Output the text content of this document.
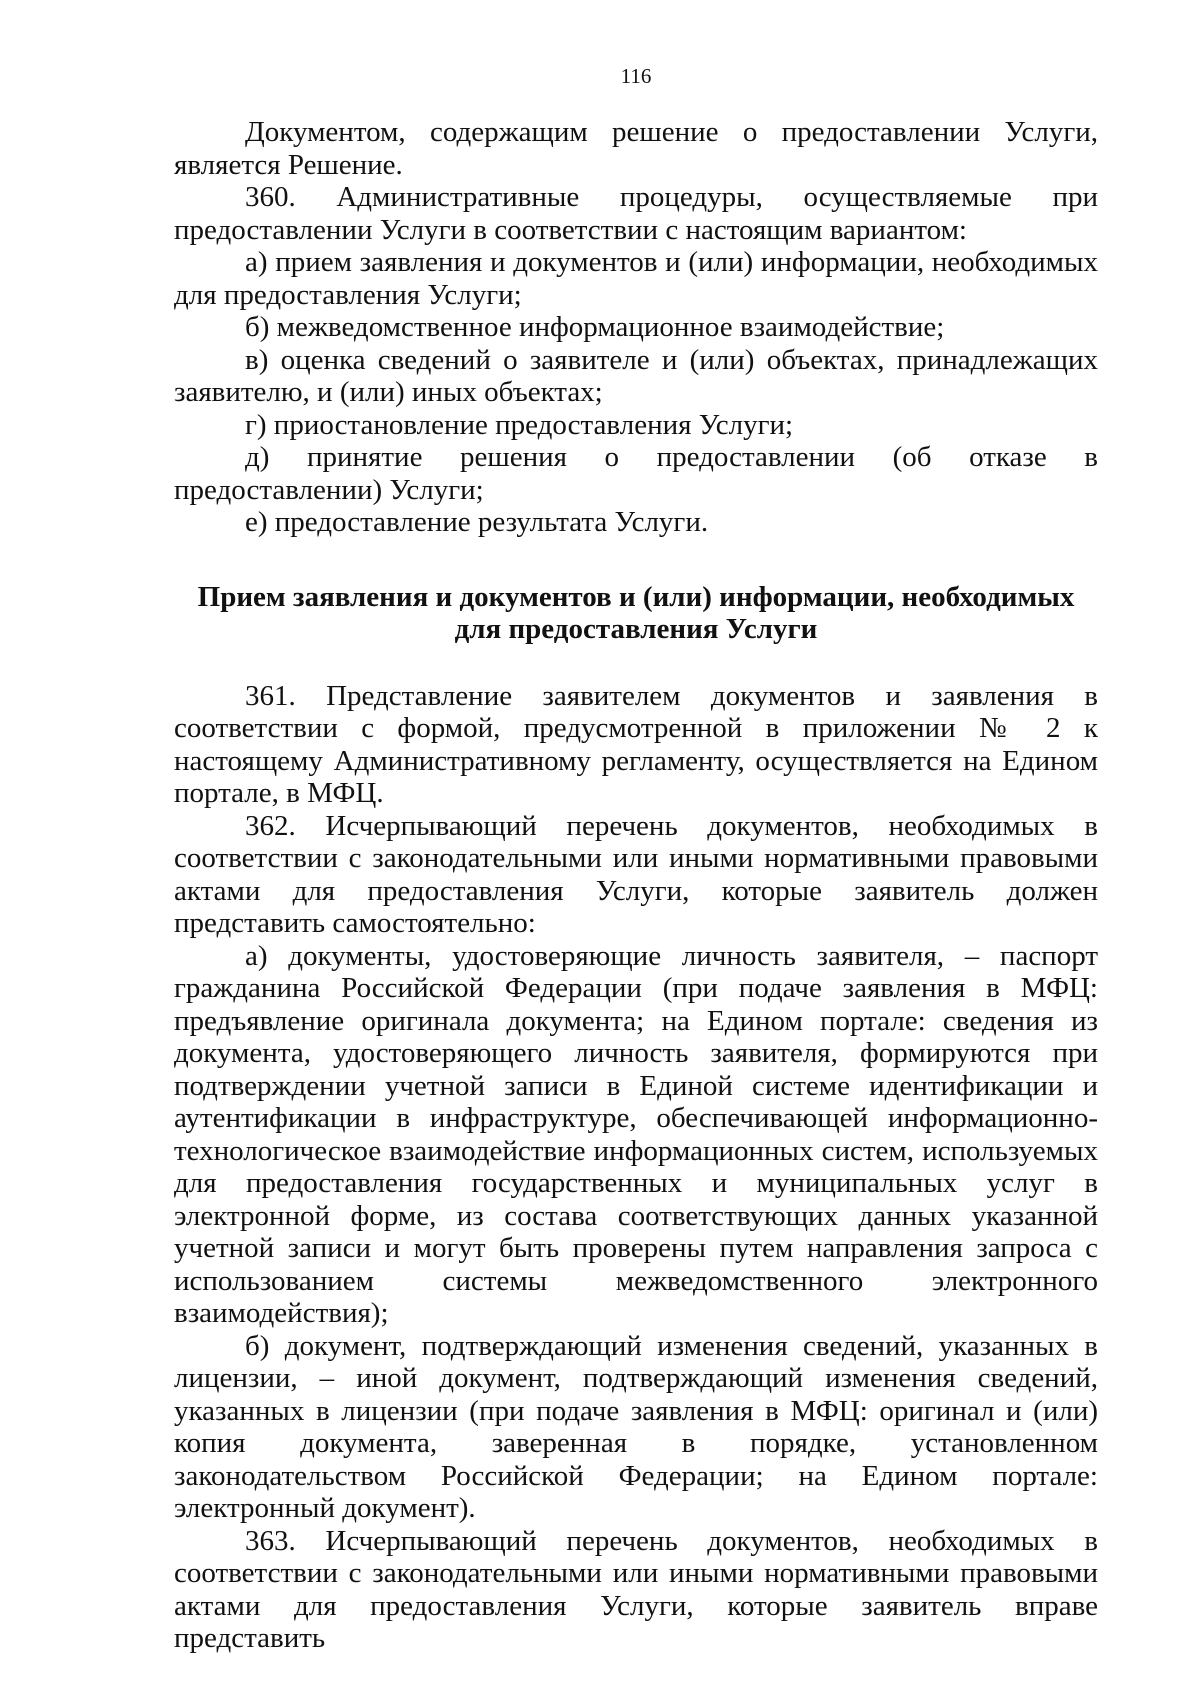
116

Документом, содержащим решение о предоставлении Услуги, является Решение.

360. Административные процедуры, осуществляемые при предоставлении Услуги в соответствии с настоящим вариантом:

а) прием заявления и документов и (или) информации, необходимых для предоставления Услуги;

б) межведомственное информационное взаимодействие;

в) оценка сведений о заявителе и (или) объектах, принадлежащих заявителю, и (или) иных объектах;

г) приостановление предоставления Услуги;

д) принятие решения о предоставлении (об отказе в предоставлении) Услуги;

е) предоставление результата Услуги.

Прием заявления и документов и (или) информации, необходимых для предоставления Услуги

361. Представление заявителем документов и заявления в соответствии с формой, предусмотренной в приложении № 2 к настоящему Административному регламенту, осуществляется на Едином портале, в МФЦ.

362. Исчерпывающий перечень документов, необходимых в соответствии с законодательными или иными нормативными правовыми актами для предоставления Услуги, которые заявитель должен представить самостоятельно:

а) документы, удостоверяющие личность заявителя, – паспорт гражданина Российской Федерации (при подаче заявления в МФЦ: предъявление оригинала документа; на Едином портале: сведения из документа, удостоверяющего личность заявителя, формируются при подтверждении учетной записи в Единой системе идентификации и аутентификации в инфраструктуре, обеспечивающей информационно-технологическое взаимодействие информационных систем, используемых для предоставления государственных и муниципальных услуг в электронной форме, из состава соответствующих данных указанной учетной записи и могут быть проверены путем направления запроса с использованием системы межведомственного электронного взаимодействия);

б) документ, подтверждающий изменения сведений, указанных в лицензии, – иной документ, подтверждающий изменения сведений, указанных в лицензии (при подаче заявления в МФЦ: оригинал и (или) копия документа, заверенная в порядке, установленном законодательством Российской Федерации; на Едином портале: электронный документ).

363. Исчерпывающий перечень документов, необходимых в соответствии с законодательными или иными нормативными правовыми актами для предоставления Услуги, которые заявитель вправе представить
